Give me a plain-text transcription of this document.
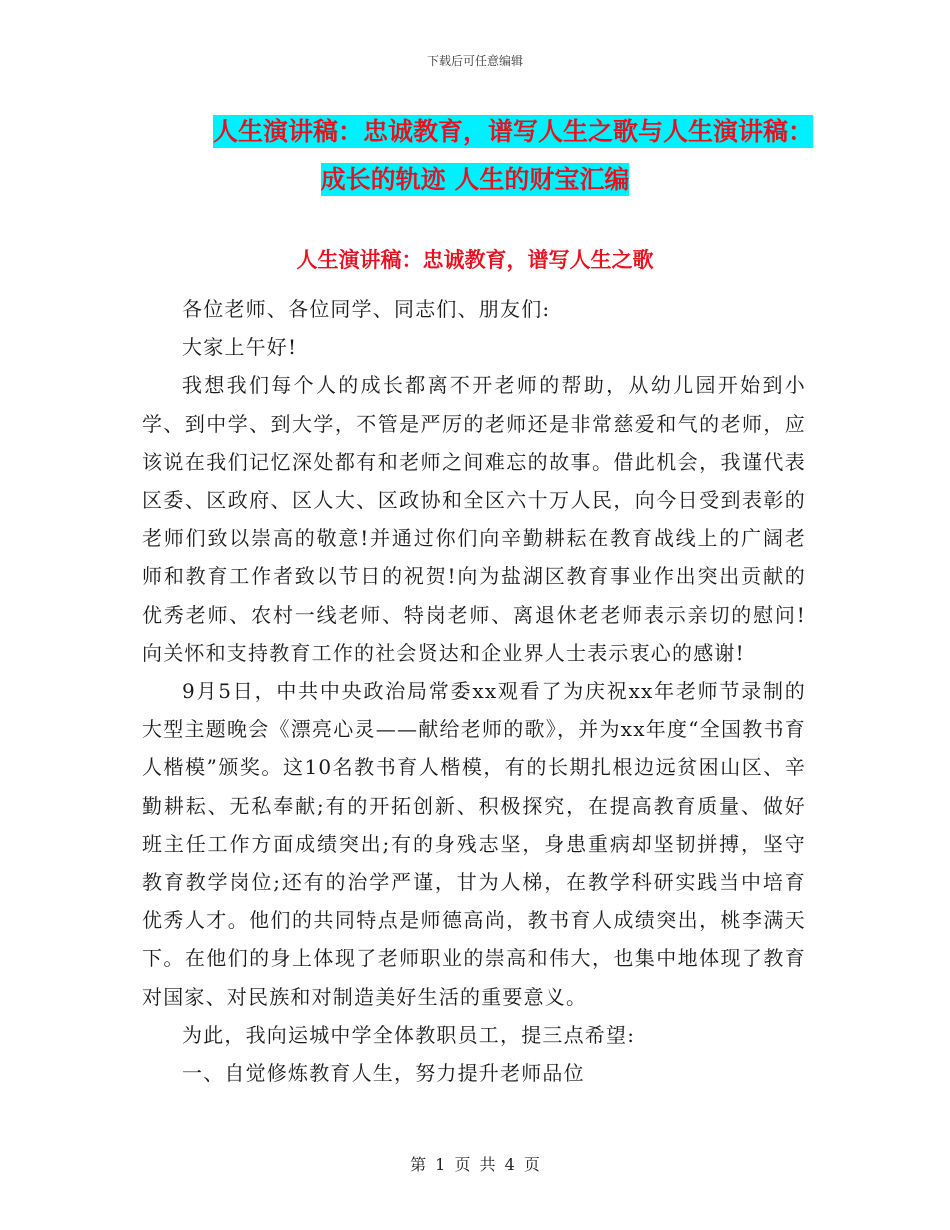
下载后可任意编辑
人生演讲稿：忠诚教育，谱写人生之歌与人生演讲稿：
成长的轨迹 人生的财宝汇编
人生演讲稿：忠诚教育，谱写人生之歌

各位老师、各位同学、同志们、朋友们:

大家上午好!

我想我们每个人的成长都离不开老师的帮助，从幼儿园开始到小学、到中学、到大学，不管是严厉的老师还是非常慈爱和气的老师，应该说在我们记忆深处都有和老师之间难忘的故事。借此机会，我谨代表区委、区政府、区人大、区政协和全区六十万人民，向今日受到表彰的老师们致以崇高的敬意!并通过你们向辛勤耕耘在教育战线上的广阔老师和教育工作者致以节日的祝贺!向为盐湖区教育事业作出突出贡献的优秀老师、农村一线老师、特岗老师、离退休老老师表示亲切的慰问!向关怀和支持教育工作的社会贤达和企业界人士表示衷心的感谢!

9月5日，中共中央政治局常委xx观看了为庆祝xx年老师节录制的大型主题晚会《漂亮心灵——献给老师的歌》，并为xx年度“全国教书育人楷模”颁奖。这10名教书育人楷模，有的长期扎根边远贫困山区、辛勤耕耘、无私奉献;有的开拓创新、积极探究，在提高教育质量、做好班主任工作方面成绩突出;有的身残志坚，身患重病却坚韧拼搏，坚守教育教学岗位;还有的治学严谨，甘为人梯，在教学科研实践当中培育优秀人才。他们的共同特点是师德高尚，教书育人成绩突出，桃李满天下。在他们的身上体现了老师职业的崇高和伟大，也集中地体现了教育对国家、对民族和对制造美好生活的重要意义。

为此，我向运城中学全体教职员工，提三点希望:

一、自觉修炼教育人生，努力提升老师品位

第 1 页 共 4 页
